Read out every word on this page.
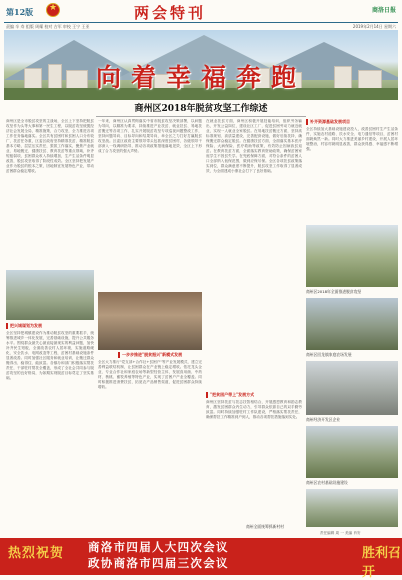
第12版
★	两会特刊	商洛日报
责编 辛 寿 组版 周耀 校对 吉军 审校 王宁 王亚	2019年2月14日 星期六
向着幸福奔跑
商州区2018年脱贫攻坚工作综述
商州区是全市脱贫攻坚的主战场，全区上下坚持把脱贫攻坚作为头等大事和第一民生工程，以脱贫攻坚统揽经济社会发展全局，精准施策，合力攻坚，全力推进各项工作任务落地落实。全区共有贫困村和贫困人口分布较广，扶贫任务重，区委区政府坚持精准扶贫、精准脱贫基本方略，层层压实责任，狠抓工作落实，聚焦产业就业、易地搬迁、健康扶贫、教育扶贫等重点领域，补齐短板弱项，贫困群众收入持续增加，生产生活条件明显改善，脱贫攻坚取得了阶段性成效。全区坚持把发展产业作为脱贫的根本之策，因地制宜发展特色产业，带动贫困群众稳定增收。
把兴城谋划为发展
全区坚持把城镇建设作为推动脱贫攻坚的重要抓手，统筹推进城乡一体化发展，完善基础设施，提升公共服务水平。围绕群众最关心最直接最现实的利益问题，加快补齐民生短板，全面改善农村人居环境，实施道路硬化、安全饮水、电网改造等工程，贫困村基础设施条件显著改善。同时加强社区服务和就业培训，让搬迁群众搬得出、稳得住、能致富。各镇办和部门积极落实帮扶责任，干部驻村帮扶全覆盖，形成了全社会共同参与脱贫攻坚的良好格局，为如期实现脱贫目标奠定了坚实基础。
一年来，商州区认真贯彻落实中省市脱贫攻坚决策部署，以问题为导向，以精准为要求，持续推进产业扶贫、就业扶贫、易地扶贫搬迁等各项工作，扎实开展脱贫攻坚专项巡视问题整改工作，坚持问题导向、目标导向和结果导向，举全区之力打好打赢脱贫攻坚战。区委区政府主要领导带头包抓深度贫困村，各级领导干部深入一线调研指导，推动各项政策措施落地见效，全区上下形成了合力攻坚的强大声势。
一步步推进"脱贫振兴"新模式发展
全区大力推行"党支部+合作社+贫困户"等产业发展模式，建立完善利益联结机制，让贫困群众在产业链上稳定增收。依托龙头企业、专业合作社和家庭农场等新型经营主体，发展食用菌、中药材、核桃、畜牧养殖等特色产业，实现了贫困户产业全覆盖。同时积极推进消费扶贫，拓宽农产品销售渠道，促进贫困群众持续增收。
在就业扶贫方面，商州区积极开展技能培训，组织劳务输出，开发公益岗位，建设社区工厂，促进贫困劳动力就近就业，实现一人就业全家脱贫。在易地扶贫搬迁方面，坚持高标准规划、高质量建设，完善配套设施，做好后续扶持，确保搬迁群众稳定脱贫。在健康扶贫方面，全面落实基本医疗保险、大病保险、医疗救助等政策，有效防止因病致贫返贫。在教育扶贫方面，全面落实教育资助政策，确保贫困家庭学生不因贫失学。在兜底保障方面，对符合条件的贫困人口全部纳入低保范围，做到应保尽保。全区各项扶贫政策落实到位，群众满意度不断提升，脱贫攻坚工作取得了显著成效，为全面建成小康社会打下了良好基础。
"把贫困户带上"发展方式
商州区坚持扶贫与扶志扶智相结合，开展感恩教育和励志教育，激发贫困群众内生动力，引导群众依靠自己的双手勤劳致富。同时持续加强驻村工作队建设，严格落实帮扶责任，确保帮扶工作精准到户到人，推动各项帮扶措施落到实处。
补齐资源基础发展项目
全区持续加大基础设施建设投入，改善贫困村生产生活条件，实施农村道路、饮水安全、电力通信等项目，贫困村面貌焕然一新。同时大力推进美丽乡村建设，开展人居环境整治，村容村貌明显改善，群众获得感、幸福感不断增强。
商州区2018年全面推进脱贫攻坚
商州区回龙镇家庭农场发展
商州经济开发区企业
商州区农村基础设施建设
商州全面统筹抓新村村
责任编辑 周 一 美编 肖安
热烈祝贺 商洛市四届人大四次会议
政协商洛市四届三次会议
胜利召开
